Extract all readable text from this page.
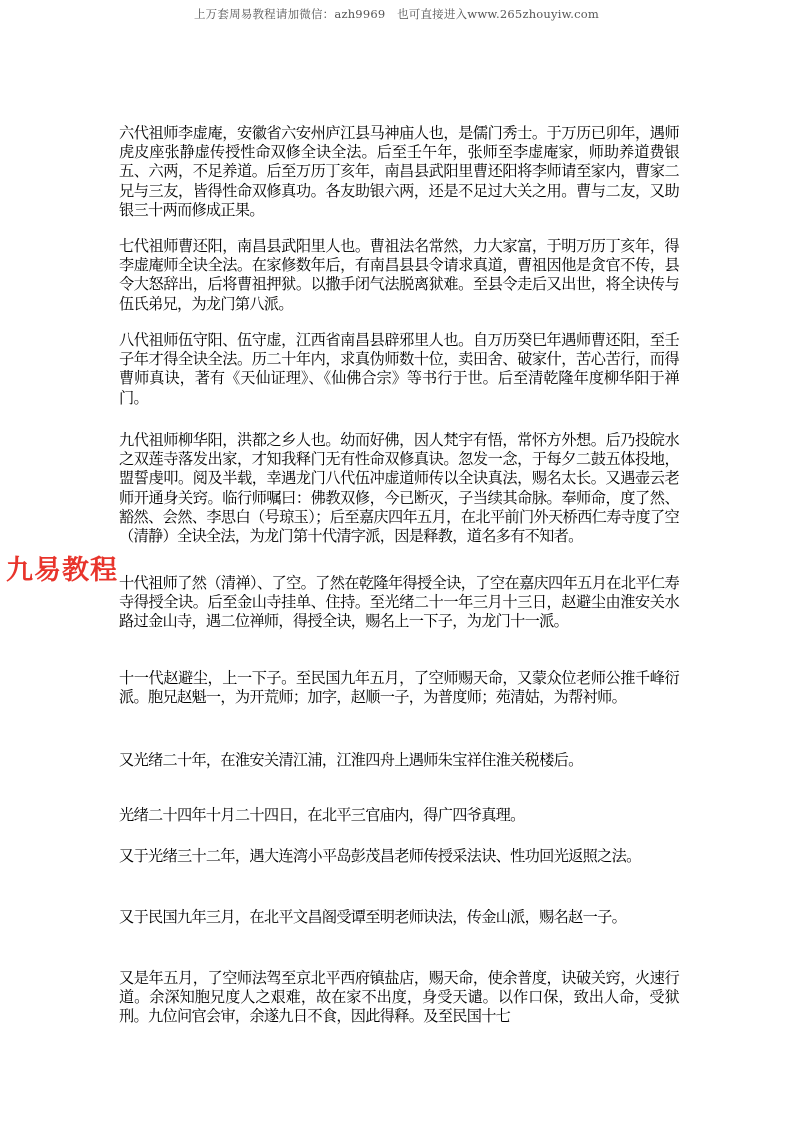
上万套周易教程请加微信：azh9969　也可直接进入www.265zhouyiw.com

六代祖师李虚庵，安徽省六安州庐江县马神庙人也，是儒门秀士。于万历已卯年，遇师虎皮座张静虚传授性命双修全诀全法。后至壬午年，张师至李虚庵家，师助养道费银五、六两，不足养道。后至万历丁亥年，南昌县武阳里曹还阳将李师请至家内，曹家二兄与三友，皆得性命双修真功。各友助银六两，还是不足过大关之用。曹与二友，又助银三十两而修成正果。

七代祖师曹还阳，南昌县武阳里人也。曹祖法名常然，力大家富，于明万历丁亥年，得李虚庵师全诀全法。在家修数年后，有南昌县县令请求真道，曹祖因他是贪官不传，县令大怒辞出，后将曹祖押狱。以撒手闭气法脱离狱难。至县令走后又出世，将全诀传与伍氏弟兄，为龙门第八派。

八代祖师伍守阳、伍守虚，江西省南昌县辟邪里人也。自万历癸巳年遇师曹还阳，至壬子年才得全诀全法。历二十年内，求真伪师数十位，卖田舍、破家什，苦心苦行，而得曹师真诀，著有《天仙证理》、《仙佛合宗》等书行于世。后至清乾隆年度柳华阳于禅门。

九代祖师柳华阳，洪都之乡人也。幼而好佛，因人梵宇有悟，常怀方外想。后乃投皖水之双莲寺落发出家，才知我释门无有性命双修真诀。忽发一念，于每夕二鼓五体投地，盟誓虔叩。阅及半载，幸遇龙门八代伍冲虚道师传以全诀真法，赐名太长。又遇壶云老师开通身关窍。临行师嘱曰：佛教双修，今已断灭，子当续其命脉。奉师命，度了然、豁然、会然、李思白（号琼玉）；后至嘉庆四年五月，在北平前门外天桥西仁寿寺度了空（清静）全诀全法，为龙门第十代清字派，因是释教，道名多有不知者。

十代祖师了然（清禅）、了空。了然在乾隆年得授全诀，了空在嘉庆四年五月在北平仁寿寺得授全诀。后至金山寺挂单、住持。至光绪二十一年三月十三日，赵避尘由淮安关水路过金山寺，遇二位禅师，得授全诀，赐名上一下子，为龙门十一派。

十一代赵避尘，上一下子。至民国九年五月，了空师赐天命，又蒙众位老师公推千峰衍派。胞兄赵魁一，为开荒师；加字，赵顺一子，为普度师；苑清姑，为帮衬师。

又光绪二十年，在淮安关清江浦，江淮四舟上遇师朱宝祥住淮关税楼后。

光绪二十四年十月二十四日，在北平三官庙内，得广四爷真理。

又于光绪三十二年，遇大连湾小平岛彭茂昌老师传授采法诀、性功回光返照之法。

又于民国九年三月，在北平文昌阁受谭至明老师诀法，传金山派，赐名赵一子。

又是年五月，了空师法驾至京北平西府镇盐店，赐天命，使余普度，诀破关窍，火速行道。余深知胞兄度人之艰难，故在家不出度，身受天谴。以作口保，致出人命，受狱刑。九位问官会审，余遂九日不食，因此得释。及至民国十七

九易教程
